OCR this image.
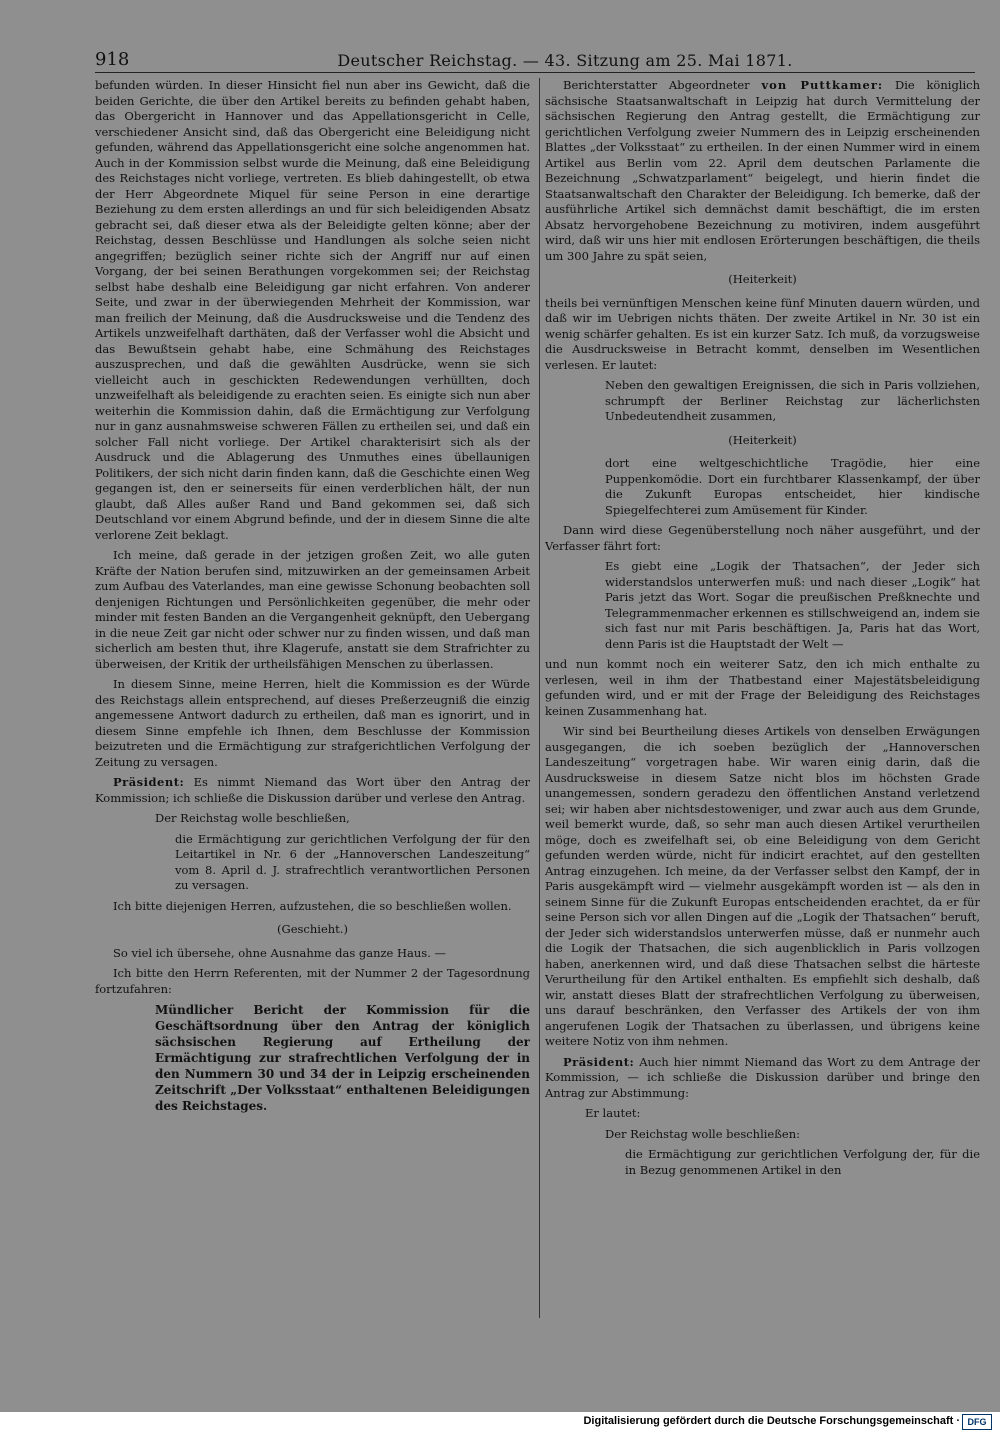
918	Deutscher Reichstag. — 43. Sitzung am 25. Mai 1871.

befunden würden. In dieser Hinsicht fiel nun aber ins Gewicht, daß die beiden Gerichte, die über den Artikel bereits zu befinden gehabt haben, das Obergericht in Hannover und das Appellationsgericht in Celle, verschiedener Ansicht sind, daß das Obergericht eine Beleidigung nicht gefunden, während das Appellationsgericht eine solche angenommen hat. Auch in der Kommission selbst wurde die Meinung, daß eine Beleidigung des Reichstages nicht vorliege, vertreten. Es blieb dahingestellt, ob etwa der Herr Abgeordnete Miquel für seine Person in eine derartige Beziehung zu dem ersten allerdings an und für sich beleidigenden Absatz gebracht sei, daß dieser etwa als der Beleidigte gelten könne; aber der Reichstag, dessen Beschlüsse und Handlungen als solche seien nicht angegriffen; bezüglich seiner richte sich der Angriff nur auf einen Vorgang, der bei seinen Berathungen vorgekommen sei; der Reichstag selbst habe deshalb eine Beleidigung gar nicht erfahren. Von anderer Seite, und zwar in der überwiegenden Mehrheit der Kommission, war man freilich der Meinung, daß die Ausdrucksweise und die Tendenz des Artikels unzweifelhaft darthäten, daß der Verfasser wohl die Absicht und das Bewußtsein gehabt habe, eine Schmähung des Reichstages auszusprechen, und daß die gewählten Ausdrücke, wenn sie sich vielleicht auch in geschickten Redewendungen verhüllten, doch unzweifelhaft als beleidigende zu erachten seien. Es einigte sich nun aber weiterhin die Kommission dahin, daß die Ermächtigung zur Verfolgung nur in ganz ausnahmsweise schweren Fällen zu ertheilen sei, und daß ein solcher Fall nicht vorliege. Der Artikel charakterisirt sich als der Ausdruck und die Ablagerung des Unmuthes eines übellaunigen Politikers, der sich nicht darin finden kann, daß die Geschichte einen Weg gegangen ist, den er seinerseits für einen verderblichen hält, der nun glaubt, daß Alles außer Rand und Band gekommen sei, daß sich Deutschland vor einem Abgrund befinde, und der in diesem Sinne die alte verlorene Zeit beklagt.

Ich meine, daß gerade in der jetzigen großen Zeit, wo alle guten Kräfte der Nation berufen sind, mitzuwirken an der gemeinsamen Arbeit zum Aufbau des Vaterlandes, man eine gewisse Schonung beobachten soll denjenigen Richtungen und Persönlichkeiten gegenüber, die mehr oder minder mit festen Banden an die Vergangenheit geknüpft, den Uebergang in die neue Zeit gar nicht oder schwer nur zu finden wissen, und daß man sicherlich am besten thut, ihre Klagerufe, anstatt sie dem Strafrichter zu überweisen, der Kritik der urtheilsfähigen Menschen zu überlassen.

In diesem Sinne, meine Herren, hielt die Kommission es der Würde des Reichstags allein entsprechend, auf dieses Preßerzeugniß die einzig angemessene Antwort dadurch zu ertheilen, daß man es ignorirt, und in diesem Sinne empfehle ich Ihnen, dem Beschlusse der Kommission beizutreten und die Ermächtigung zur strafgerichtlichen Verfolgung der Zeitung zu versagen.

Präsident: Es nimmt Niemand das Wort über den Antrag der Kommission; ich schließe die Diskussion darüber und verlese den Antrag.

Der Reichstag wolle beschließen,

die Ermächtigung zur gerichtlichen Verfolgung der für den Leitartikel in Nr. 6 der „Hannoverschen Landeszeitung“ vom 8. April d. J. strafrechtlich verantwortlichen Personen zu versagen.

Ich bitte diejenigen Herren, aufzustehen, die so beschließen wollen.

(Geschieht.)

So viel ich übersehe, ohne Ausnahme das ganze Haus. —

Ich bitte den Herrn Referenten, mit der Nummer 2 der Tagesordnung fortzufahren:

Mündlicher Bericht der Kommission für die Geschäftsordnung über den Antrag der königlich sächsischen Regierung auf Ertheilung der Ermächtigung zur strafrechtlichen Verfolgung der in den Nummern 30 und 34 der in Leipzig erscheinenden Zeitschrift „Der Volksstaat“ enthaltenen Beleidigungen des Reichstages.

Berichterstatter Abgeordneter von Puttkamer: Die königlich sächsische Staatsanwaltschaft in Leipzig hat durch Vermittelung der sächsischen Regierung den Antrag gestellt, die Ermächtigung zur gerichtlichen Verfolgung zweier Nummern des in Leipzig erscheinenden Blattes „der Volksstaat“ zu ertheilen. In der einen Nummer wird in einem Artikel aus Berlin vom 22. April dem deutschen Parlamente die Bezeichnung „Schwatzparlament“ beigelegt, und hierin findet die Staatsanwaltschaft den Charakter der Beleidigung. Ich bemerke, daß der ausführliche Artikel sich demnächst damit beschäftigt, die im ersten Absatz hervorgehobene Bezeichnung zu motiviren, indem ausgeführt wird, daß wir uns hier mit endlosen Erörterungen beschäftigen, die theils um 300 Jahre zu spät seien,

(Heiterkeit)

theils bei vernünftigen Menschen keine fünf Minuten dauern würden, und daß wir im Uebrigen nichts thäten. Der zweite Artikel in Nr. 30 ist ein wenig schärfer gehalten. Es ist ein kurzer Satz. Ich muß, da vorzugsweise die Ausdrucksweise in Betracht kommt, denselben im Wesentlichen verlesen. Er lautet:

Neben den gewaltigen Ereignissen, die sich in Paris vollziehen, schrumpft der Berliner Reichstag zur lächerlichsten Unbedeutendheit zusammen,

(Heiterkeit)

dort eine weltgeschichtliche Tragödie, hier eine Puppenkomödie. Dort ein furchtbarer Klassenkampf, der über die Zukunft Europas entscheidet, hier kindische Spiegelfechterei zum Amüsement für Kinder.

Dann wird diese Gegenüberstellung noch näher ausgeführt, und der Verfasser fährt fort:

Es giebt eine „Logik der Thatsachen“, der Jeder sich widerstandslos unterwerfen muß: und nach dieser „Logik“ hat Paris jetzt das Wort. Sogar die preußischen Preßknechte und Telegrammenmacher erkennen es stillschweigend an, indem sie sich fast nur mit Paris beschäftigen. Ja, Paris hat das Wort, denn Paris ist die Hauptstadt der Welt —

und nun kommt noch ein weiterer Satz, den ich mich enthalte zu verlesen, weil in ihm der Thatbestand einer Majestätsbeleidigung gefunden wird, und er mit der Frage der Beleidigung des Reichstages keinen Zusammenhang hat.

Wir sind bei Beurtheilung dieses Artikels von denselben Erwägungen ausgegangen, die ich soeben bezüglich der „Hannoverschen Landeszeitung“ vorgetragen habe. Wir waren einig darin, daß die Ausdrucksweise in diesem Satze nicht blos im höchsten Grade unangemessen, sondern geradezu den öffentlichen Anstand verletzend sei; wir haben aber nichtsdestoweniger, und zwar auch aus dem Grunde, weil bemerkt wurde, daß, so sehr man auch diesen Artikel verurtheilen möge, doch es zweifelhaft sei, ob eine Beleidigung von dem Gericht gefunden werden würde, nicht für indicirt erachtet, auf den gestellten Antrag einzugehen. Ich meine, da der Verfasser selbst den Kampf, der in Paris ausgekämpft wird — vielmehr ausgekämpft worden ist — als den in seinem Sinne für die Zukunft Europas entscheidenden erachtet, da er für seine Person sich vor allen Dingen auf die „Logik der Thatsachen“ beruft, der Jeder sich widerstandslos unterwerfen müsse, daß er nunmehr auch die Logik der Thatsachen, die sich augenblicklich in Paris vollzogen haben, anerkennen wird, und daß diese Thatsachen selbst die härteste Verurtheilung für den Artikel enthalten. Es empfiehlt sich deshalb, daß wir, anstatt dieses Blatt der strafrechtlichen Verfolgung zu überweisen, uns darauf beschränken, den Verfasser des Artikels der von ihm angerufenen Logik der Thatsachen zu überlassen, und übrigens keine weitere Notiz von ihm nehmen.

Präsident: Auch hier nimmt Niemand das Wort zu dem Antrage der Kommission, — ich schließe die Diskussion darüber und bringe den Antrag zur Abstimmung:

Er lautet:

Der Reichstag wolle beschließen:

die Ermächtigung zur gerichtlichen Verfolgung der, für die in Bezug genommenen Artikel in den

Digitalisierung gefördert durch die Deutsche Forschungsgemeinschaft · DFG
